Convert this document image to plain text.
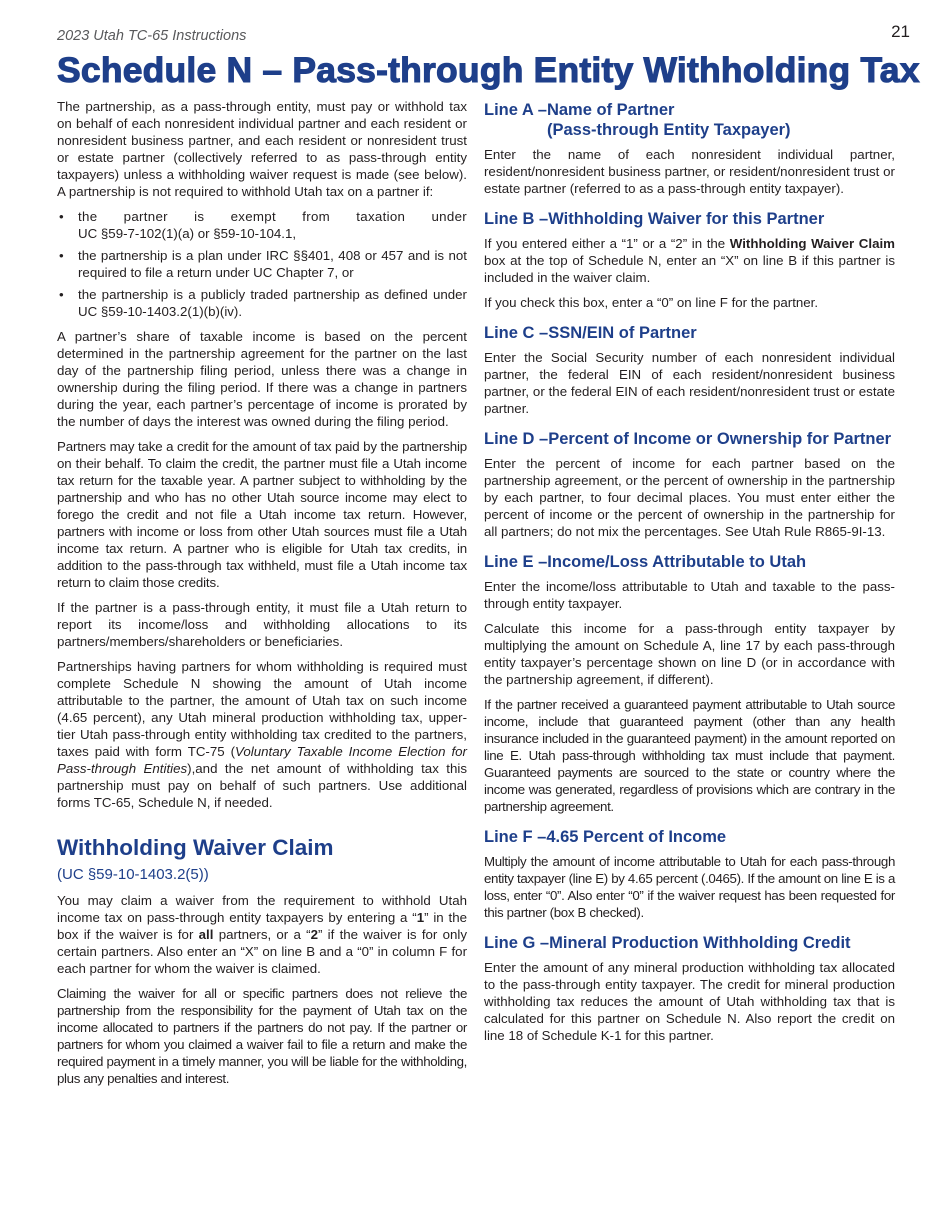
2023 Utah TC-65 Instructions	21
Schedule N – Pass-through Entity Withholding Tax

The partnership, as a pass-through entity, must pay or withhold tax on behalf of each nonresident individual partner and each resident or nonresident business partner, and each resident or nonresident trust or estate partner (collectively referred to as pass-through entity taxpayers) unless a withholding waiver request is made (see below). A partnership is not required to withhold Utah tax on a partner if:

• the partner is exempt from taxation under
UC §59-7-102(1)(a) or §59-10-104.1,
• the partnership is a plan under IRC §§401, 408 or 457 and is not required to file a return under UC Chapter 7, or
• the partnership is a publicly traded partnership as defined under UC §59-10-1403.2(1)(b)(iv).

A partner’s share of taxable income is based on the percent determined in the partnership agreement for the partner on the last day of the partnership filing period, unless there was a change in ownership during the filing period. If there was a change in partners during the year, each partner’s percentage of income is prorated by the number of days the interest was owned during the filing period.

Partners may take a credit for the amount of tax paid by the partnership on their behalf. To claim the credit, the partner must file a Utah income tax return for the taxable year. A partner subject to withholding by the partnership and who has no other Utah source income may elect to forego the credit and not file a Utah income tax return. However, partners with income or loss from other Utah sources must file a Utah income tax return. A partner who is eligible for Utah tax credits, in addition to the pass-through tax withheld, must file a Utah income tax return to claim those credits.

If the partner is a pass-through entity, it must file a Utah return to report its income/loss and withholding allocations to its partners/members/shareholders or beneficiaries.

Partnerships having partners for whom withholding is required must complete Schedule N showing the amount of Utah income attributable to the partner, the amount of Utah tax on such income (4.65 percent), any Utah mineral production withholding tax, upper-tier Utah pass-through entity withholding tax credited to the partners, taxes paid with form TC-75 (Voluntary Taxable Income Election for Pass-through Entities),and the net amount of withholding tax this partnership must pay on behalf of such partners. Use additional forms TC-65, Schedule N, if needed.

Withholding Waiver Claim
(UC §59-10-1403.2(5))

You may claim a waiver from the requirement to withhold Utah income tax on pass-through entity taxpayers by entering a “1” in the box if the waiver is for all partners, or a “2” if the waiver is for only certain partners. Also enter an “X” on line B and a “0” in column F for each partner for whom the waiver is claimed.

Claiming the waiver for all or specific partners does not relieve the partnership from the responsibility for the payment of Utah tax on the income allocated to partners if the partners do not pay. If the partner or partners for whom you claimed a waiver fail to file a return and make the required payment in a timely manner, you will be liable for the withholding, plus any penalties and interest.

Line A – Name of Partner
(Pass-through Entity Taxpayer)

Enter the name of each nonresident individual partner, resident/nonresident business partner, or resident/nonresident trust or estate partner (referred to as a pass-through entity taxpayer).

Line B – Withholding Waiver for this Partner

If you entered either a “1” or a “2” in the Withholding Waiver Claim box at the top of Schedule N, enter an “X” on line B if this partner is included in the waiver claim.

If you check this box, enter a “0” on line F for the partner.

Line C – SSN/EIN of Partner

Enter the Social Security number of each nonresident individual partner, the federal EIN of each resident/nonresident business partner, or the federal EIN of each resident/nonresident trust or estate partner.

Line D – Percent of Income or Ownership for Partner

Enter the percent of income for each partner based on the partnership agreement, or the percent of ownership in the partnership by each partner, to four decimal places. You must enter either the percent of income or the percent of ownership in the partnership for all partners; do not mix the percentages. See Utah Rule R865-9I-13.

Line E – Income/Loss Attributable to Utah

Enter the income/loss attributable to Utah and taxable to the pass-through entity taxpayer.

Calculate this income for a pass-through entity taxpayer by multiplying the amount on Schedule A, line 17 by each pass-through entity taxpayer’s percentage shown on line D (or in accordance with the partnership agreement, if different).

If the partner received a guaranteed payment attributable to Utah source income, include that guaranteed payment (other than any health insurance included in the guaranteed payment) in the amount reported on line E. Utah pass-through withholding tax must include that payment. Guaranteed payments are sourced to the state or country where the income was generated, regardless of provisions which are contrary in the partnership agreement.

Line F – 4.65 Percent of Income

Multiply the amount of income attributable to Utah for each pass-through entity taxpayer (line E) by 4.65 percent (.0465). If the amount on line E is a loss, enter “0”. Also enter “0” if the waiver request has been requested for this partner (box B checked).

Line G – Mineral Production Withholding Credit

Enter the amount of any mineral production withholding tax allocated to the pass-through entity taxpayer. The credit for mineral production withholding tax reduces the amount of Utah withholding tax that is calculated for this partner on Schedule N. Also report the credit on line 18 of Schedule K-1 for this partner.
